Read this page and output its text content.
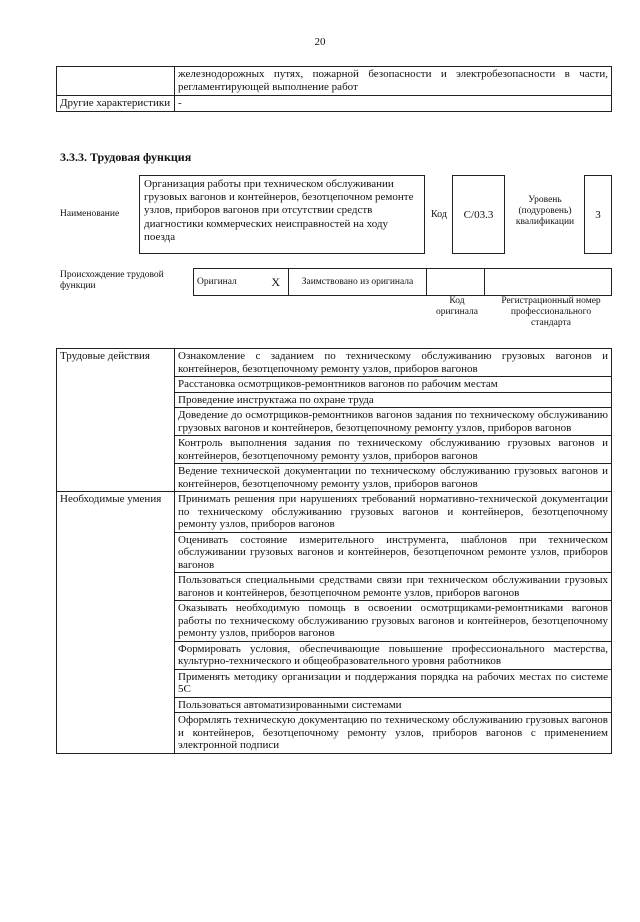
20
	железнодорожных путях, пожарной безопасности и электробезопасности в части, регламентирующей выполнение работ
Другие характеристики	-
3.3.3. Трудовая функция
Наименование
Организация работы при техническом обслуживании грузовых вагонов и контейнеров, безотцепочном ремонте узлов, приборов вагонов при отсутствии средств диагностики коммерческих неисправностей на ходу поезда
Код С/03.3
Уровень (подуровень) квалификации
3
Происхождение трудовой функции	Оригинал	X	Заимствовано из оригинала		
Код оригинала
Регистрационный номер профессионального стандарта
Трудовые действия	Ознакомление с заданием по техническому обслуживанию грузовых вагонов и контейнеров, безотцепочному ремонту узлов, приборов вагонов
	Расстановка осмотрщиков-ремонтников вагонов по рабочим местам
	Проведение инструктажа по охране труда
	Доведение до осмотрщиков-ремонтников вагонов задания по техническому обслуживанию грузовых вагонов и контейнеров, безотцепочному ремонту узлов, приборов вагонов
	Контроль выполнения задания по техническому обслуживанию грузовых вагонов и контейнеров, безотцепочному ремонту узлов, приборов вагонов
	Ведение технической документации по техническому обслуживанию грузовых вагонов и контейнеров, безотцепочному ремонту узлов, приборов вагонов
Необходимые умения	Принимать решения при нарушениях требований нормативно-технической документации по техническому обслуживанию грузовых вагонов и контейнеров, безотцепочному ремонту узлов, приборов вагонов
	Оценивать состояние измерительного инструмента, шаблонов при техническом обслуживании грузовых вагонов и контейнеров, безотцепочном ремонте узлов, приборов вагонов
	Пользоваться специальными средствами связи при техническом обслуживании грузовых вагонов и контейнеров, безотцепочном ремонте узлов, приборов вагонов
	Оказывать необходимую помощь в освоении осмотрщиками-ремонтниками вагонов работы по техническому обслуживанию грузовых вагонов и контейнеров, безотцепочному ремонту узлов, приборов вагонов
	Формировать условия, обеспечивающие повышение профессионального мастерства, культурно-технического и общеобразовательного уровня работников
	Применять методику организации и поддержания порядка на рабочих местах по системе 5С
	Пользоваться автоматизированными системами
	Оформлять техническую документацию по техническому обслуживанию грузовых вагонов и контейнеров, безотцепочному ремонту узлов, приборов вагонов с применением электронной подписи
